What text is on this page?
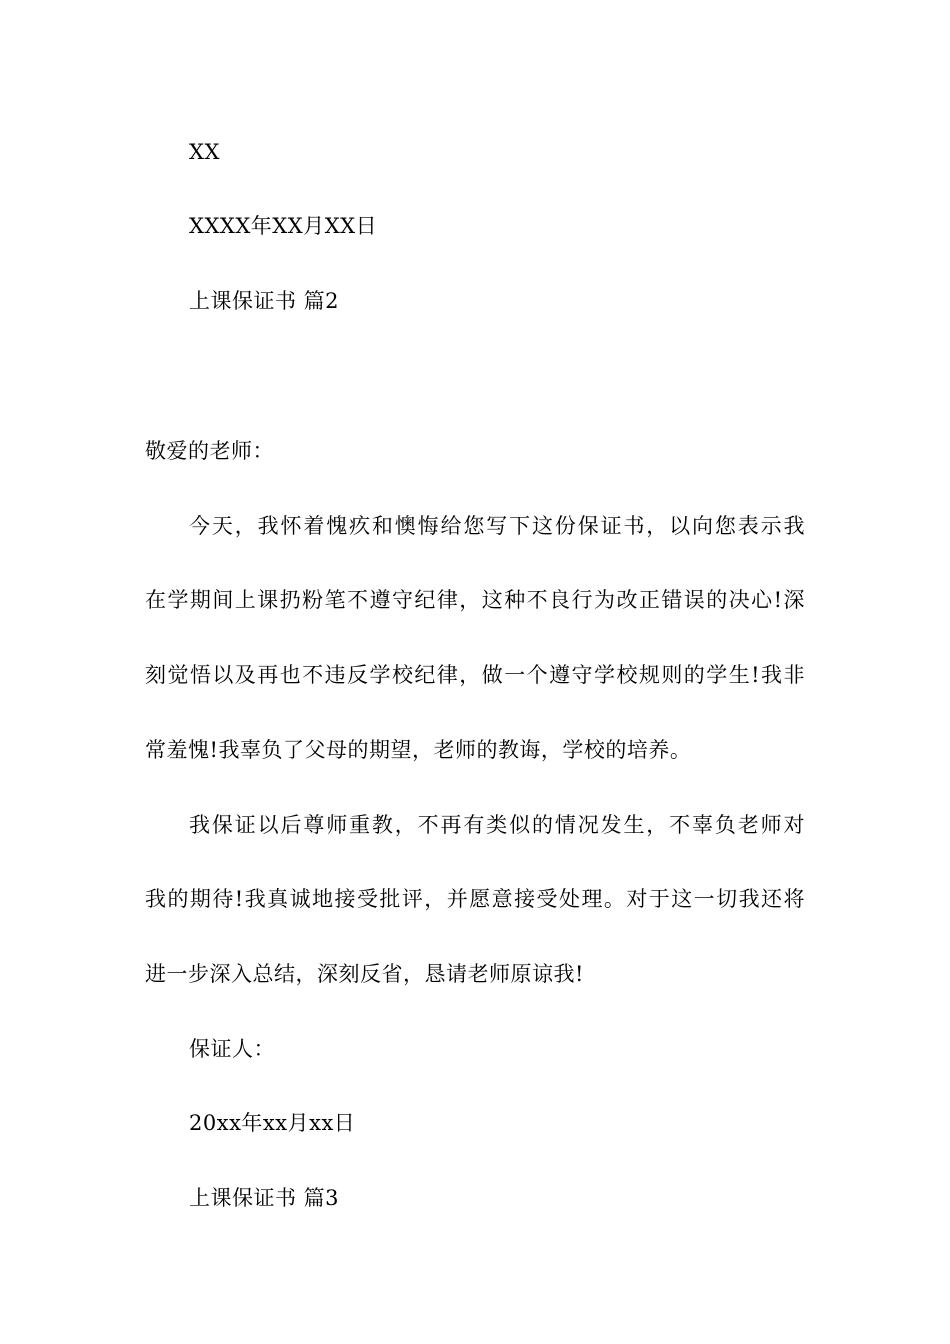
XX
XXXX年XX月XX日
上课保证书 篇2
敬爱的老师：
今天，我怀着愧疚和懊悔给您写下这份保证书，以向您表示我
在学期间上课扔粉笔不遵守纪律，这种不良行为改正错误的决心!深
刻觉悟以及再也不违反学校纪律，做一个遵守学校规则的学生!我非
常羞愧!我辜负了父母的期望，老师的教诲，学校的培养。
我保证以后尊师重教，不再有类似的情况发生，不辜负老师对
我的期待!我真诚地接受批评，并愿意接受处理。对于这一切我还将
进一步深入总结，深刻反省，恳请老师原谅我!
保证人：
20xx年xx月xx日
上课保证书 篇3
